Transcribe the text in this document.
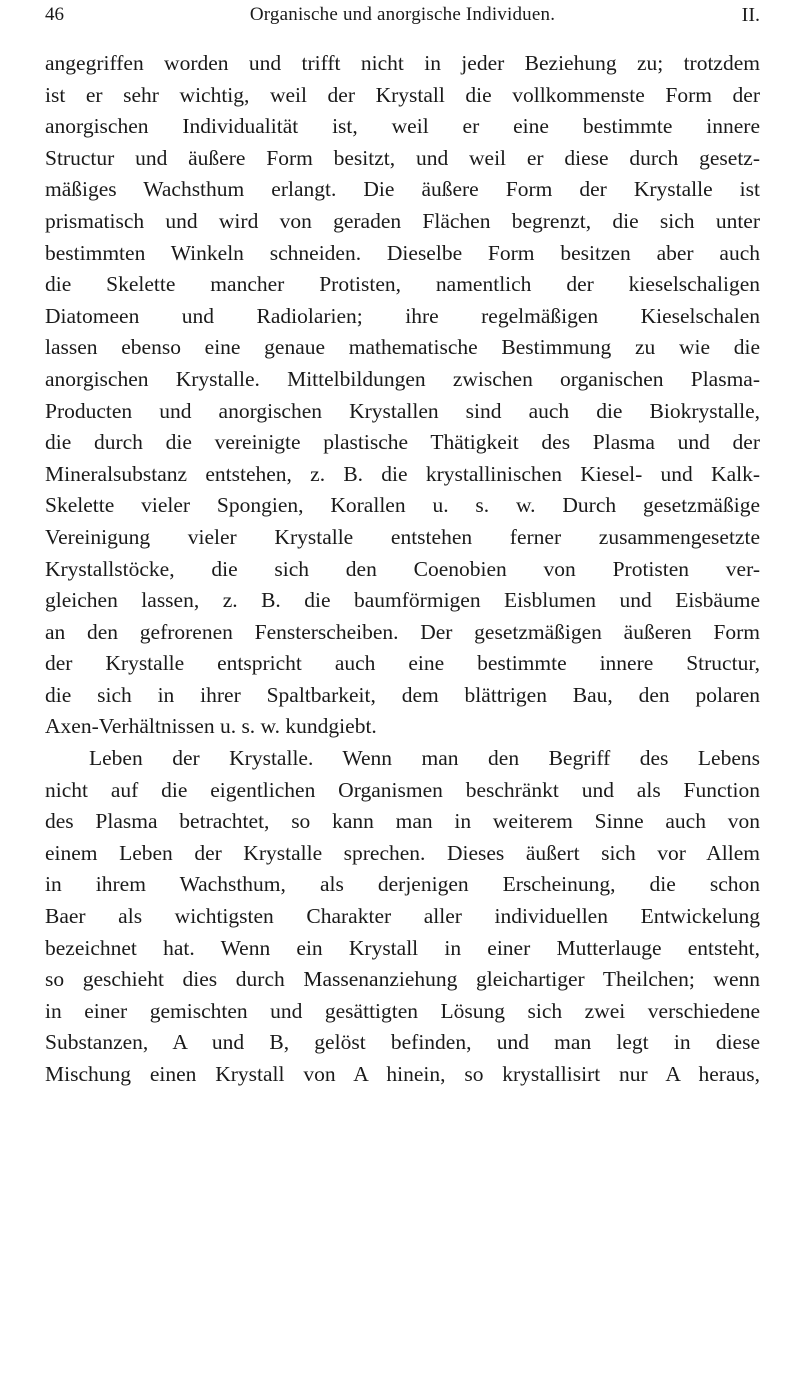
46	Organische und anorgische Individuen.	II.
angegriffen worden und trifft nicht in jeder Beziehung zu; trotzdem
ist er sehr wichtig, weil der Krystall die vollkommenste Form der
anorgischen Individualität ist, weil er eine bestimmte innere
Structur und äußere Form besitzt, und weil er diese durch gesetz-
mäßiges Wachsthum erlangt. Die äußere Form der Krystalle ist
prismatisch und wird von geraden Flächen begrenzt, die sich unter
bestimmten Winkeln schneiden. Dieselbe Form besitzen aber auch
die Skelette mancher Protisten, namentlich der kieselschaligen
Diatomeen und Radiolarien; ihre regelmäßigen Kieselschalen
lassen ebenso eine genaue mathematische Bestimmung zu wie die
anorgischen Krystalle. Mittelbildungen zwischen organischen Plasma-
Producten und anorgischen Krystallen sind auch die Biokrystalle,
die durch die vereinigte plastische Thätigkeit des Plasma und der
Mineralsubstanz entstehen, z. B. die krystallinischen Kiesel- und Kalk-
Skelette vieler Spongien, Korallen u. s. w. Durch gesetzmäßige
Vereinigung vieler Krystalle entstehen ferner zusammengesetzte
Krystallstöcke, die sich den Coenobien von Protisten ver-
gleichen lassen, z. B. die baumförmigen Eisblumen und Eisbäume
an den gefrorenen Fensterscheiben. Der gesetzmäßigen äußeren Form
der Krystalle entspricht auch eine bestimmte innere Structur,
die sich in ihrer Spaltbarkeit, dem blättrigen Bau, den polaren
Axen-Verhältnissen u. s. w. kundgiebt.
Leben der Krystalle. Wenn man den Begriff des Lebens
nicht auf die eigentlichen Organismen beschränkt und als Function
des Plasma betrachtet, so kann man in weiterem Sinne auch von
einem Leben der Krystalle sprechen. Dieses äußert sich vor Allem
in ihrem Wachsthum, als derjenigen Erscheinung, die schon
Baer als wichtigsten Charakter aller individuellen Entwickelung
bezeichnet hat. Wenn ein Krystall in einer Mutterlauge entsteht,
so geschieht dies durch Massenanziehung gleichartiger Theilchen; wenn
in einer gemischten und gesättigten Lösung sich zwei verschiedene
Substanzen, A und B, gelöst befinden, und man legt in diese
Mischung einen Krystall von A hinein, so krystallisirt nur A heraus,
